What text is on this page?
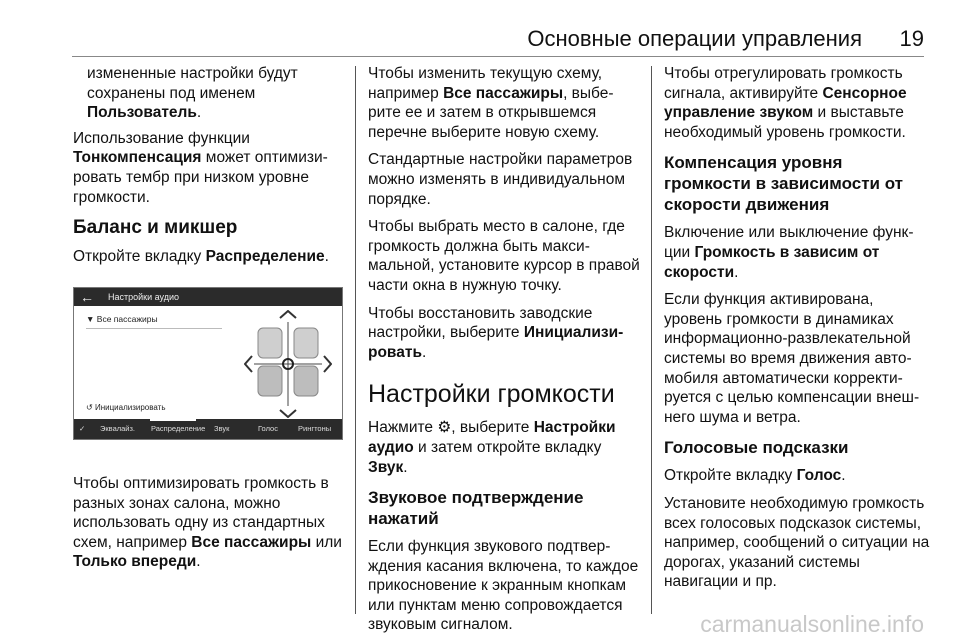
Основные операции управления 19

измененные настройки будут сохранены под именем Пользователь.

Использование функции Тонкомпенсация может оптимизировать тембр при низком уровне громкости.

Баланс и микшер

Откройте вкладку Распределение.

← Настройки аудио
▼ Все пассажиры
↺ Инициализировать
✓ Эквалайз. Распределение Звук	Голос	Рингтоны

Чтобы оптимизировать громкость в разных зонах салона, можно использовать одну из стандартных схем, например Все пассажиры или Только впереди.

Чтобы изменить текущую схему, например Все пассажиры, выберите ее и затем в открывшемся перечне выберите новую схему.

Стандартные настройки параметров можно изменять в индивидуальном порядке.

Чтобы выбрать место в салоне, где громкость должна быть максимальной, установите курсор в правой части окна в нужную точку.

Чтобы восстановить заводские настройки, выберите Инициализировать.

Настройки громкости

Нажмите ⚙, выберите Настройки аудио и затем откройте вкладку Звук.

Звуковое подтверждение нажатий

Если функция звукового подтверждения касания включена, то каждое прикосновение к экранным кнопкам или пунктам меню сопровождается звуковым сигналом.

Чтобы отрегулировать громкость сигнала, активируйте Сенсорное управление звуком и выставьте необходимый уровень громкости.

Компенсация уровня громкости в зависимости от скорости движения

Включение или выключение функции Громкость в зависим от скорости.

Если функция активирована, уровень громкости в динамиках информационно-развлекательной системы во время движения автомобиля автоматически корректируется с целью компенсации внешнего шума и ветра.

Голосовые подсказки

Откройте вкладку Голос.

Установите необходимую громкость всех голосовых подсказок системы, например, сообщений о ситуации на дорогах, указаний системы навигации и пр.

carmanualsonline.info
